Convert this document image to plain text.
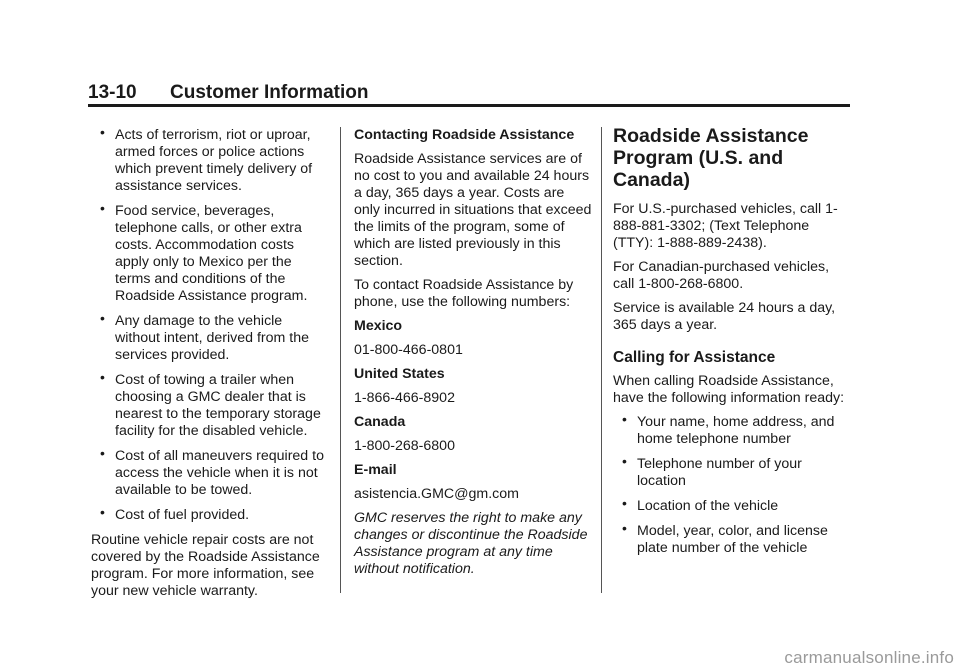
13-10 Customer Information
• Acts of terrorism, riot or uproar, armed forces or police actions which prevent timely delivery of assistance services.
• Food service, beverages, telephone calls, or other extra costs. Accommodation costs apply only to Mexico per the terms and conditions of the Roadside Assistance program.
• Any damage to the vehicle without intent, derived from the services provided.
• Cost of towing a trailer when choosing a GMC dealer that is nearest to the temporary storage facility for the disabled vehicle.
• Cost of all maneuvers required to access the vehicle when it is not available to be towed.
• Cost of fuel provided.

Routine vehicle repair costs are not covered by the Roadside Assistance program. For more information, see your new vehicle warranty.

Contacting Roadside Assistance

Roadside Assistance services are of no cost to you and available 24 hours a day, 365 days a year. Costs are only incurred in situations that exceed the limits of the program, some of which are listed previously in this section.

To contact Roadside Assistance by phone, use the following numbers:

Mexico

01-800-466-0801

United States

1-866-466-8902

Canada

1-800-268-6800

E-mail

asistencia.GMC@gm.com

GMC reserves the right to make any changes or discontinue the Roadside Assistance program at any time without notification.

Roadside Assistance Program (U.S. and Canada)

For U.S.-purchased vehicles, call 1-888-881-3302; (Text Telephone (TTY): 1-888-889-2438).

For Canadian-purchased vehicles, call 1-800-268-6800.

Service is available 24 hours a day, 365 days a year.

Calling for Assistance

When calling Roadside Assistance, have the following information ready:

• Your name, home address, and home telephone number
• Telephone number of your location
• Location of the vehicle
• Model, year, color, and license plate number of the vehicle
carmanualsonline.info
